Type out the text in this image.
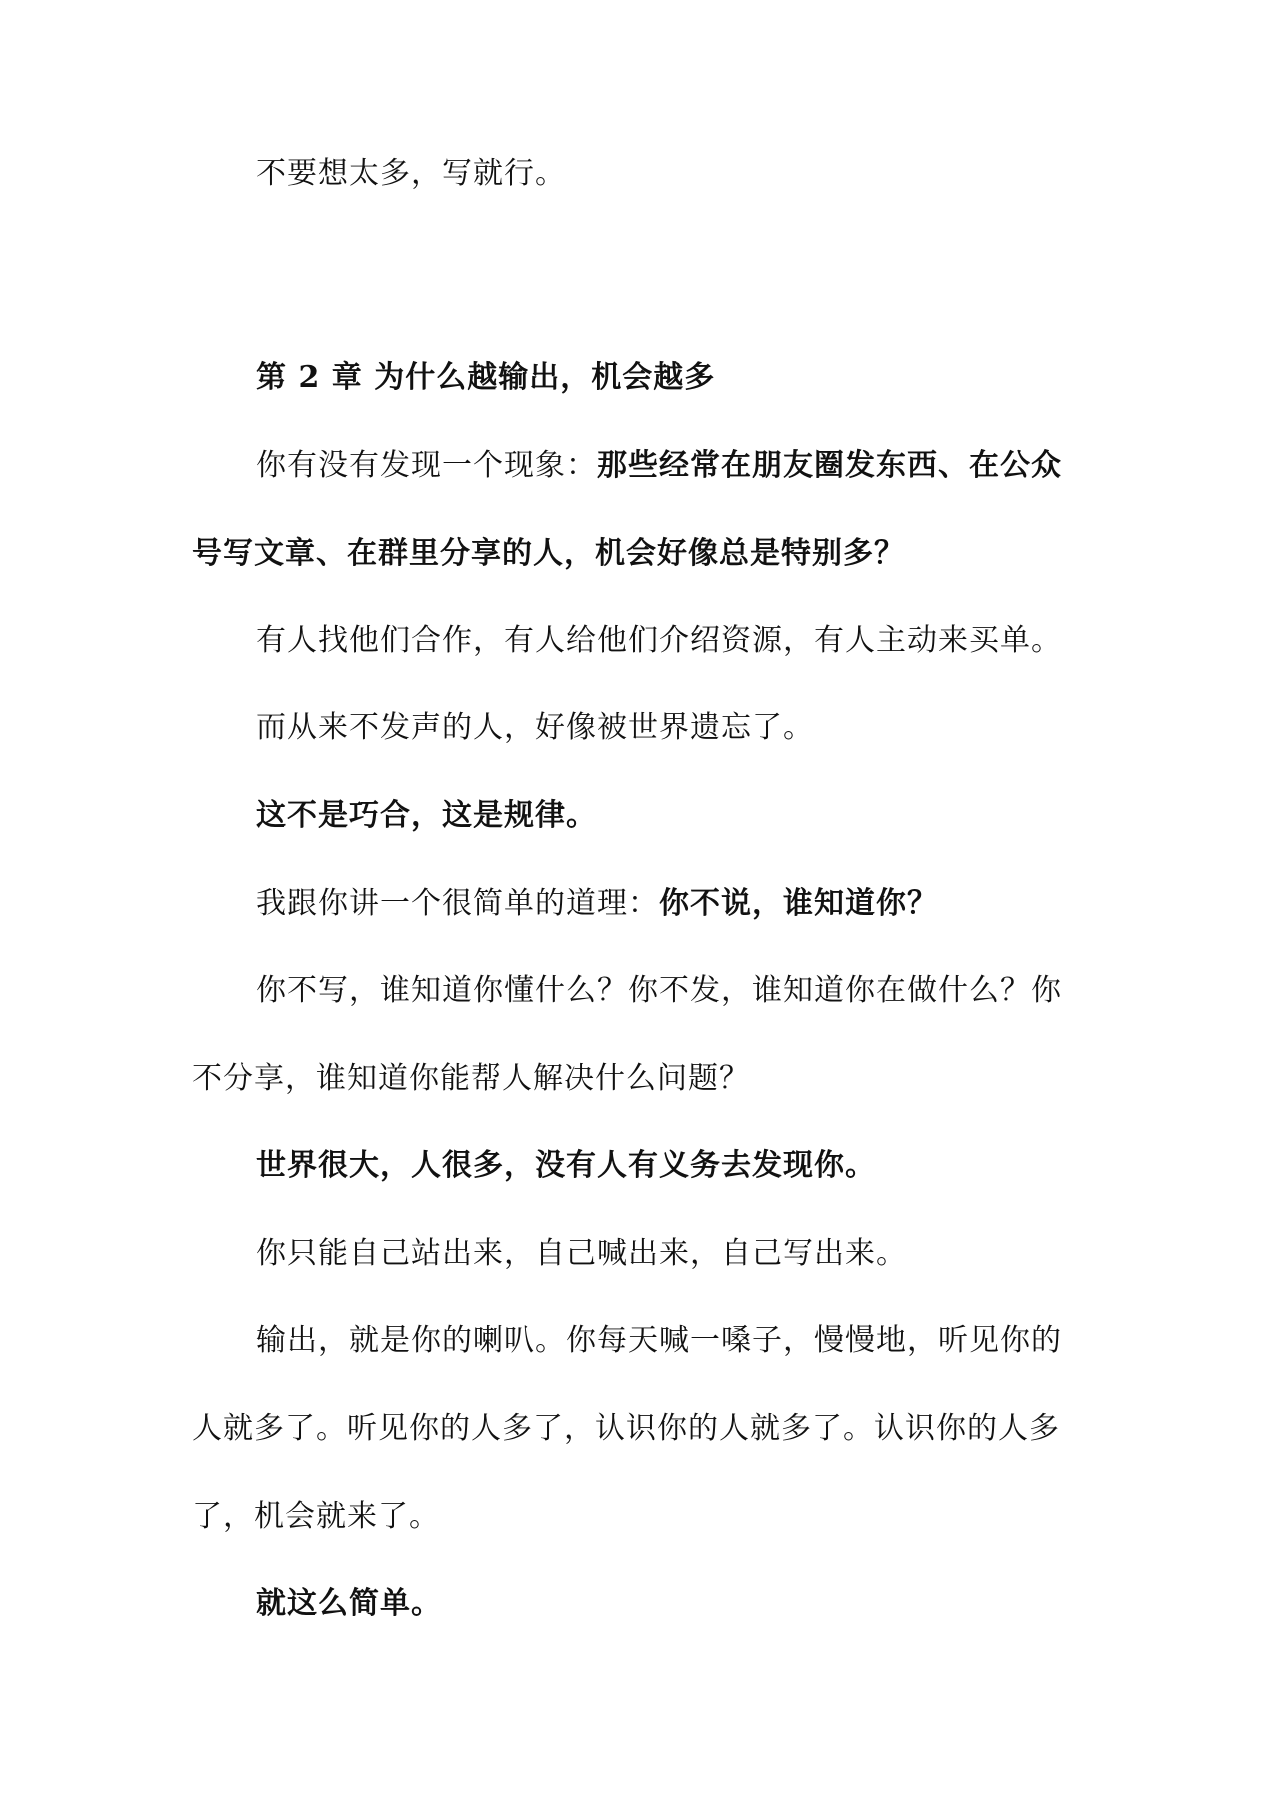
不要想太多，写就行。

第 2 章 为什么越输出，机会越多

你有没有发现一个现象：那些经常在朋友圈发东西、在公众号写文章、在群里分享的人，机会好像总是特别多？

有人找他们合作，有人给他们介绍资源，有人主动来买单。

而从来不发声的人，好像被世界遗忘了。

这不是巧合，这是规律。

我跟你讲一个很简单的道理：你不说，谁知道你？

你不写，谁知道你懂什么？你不发，谁知道你在做什么？你不分享，谁知道你能帮人解决什么问题？

世界很大，人很多，没有人有义务去发现你。

你只能自己站出来，自己喊出来，自己写出来。

输出，就是你的喇叭。你每天喊一嗓子，慢慢地，听见你的人就多了。听见你的人多了，认识你的人就多了。认识你的人多了，机会就来了。

就这么简单。
